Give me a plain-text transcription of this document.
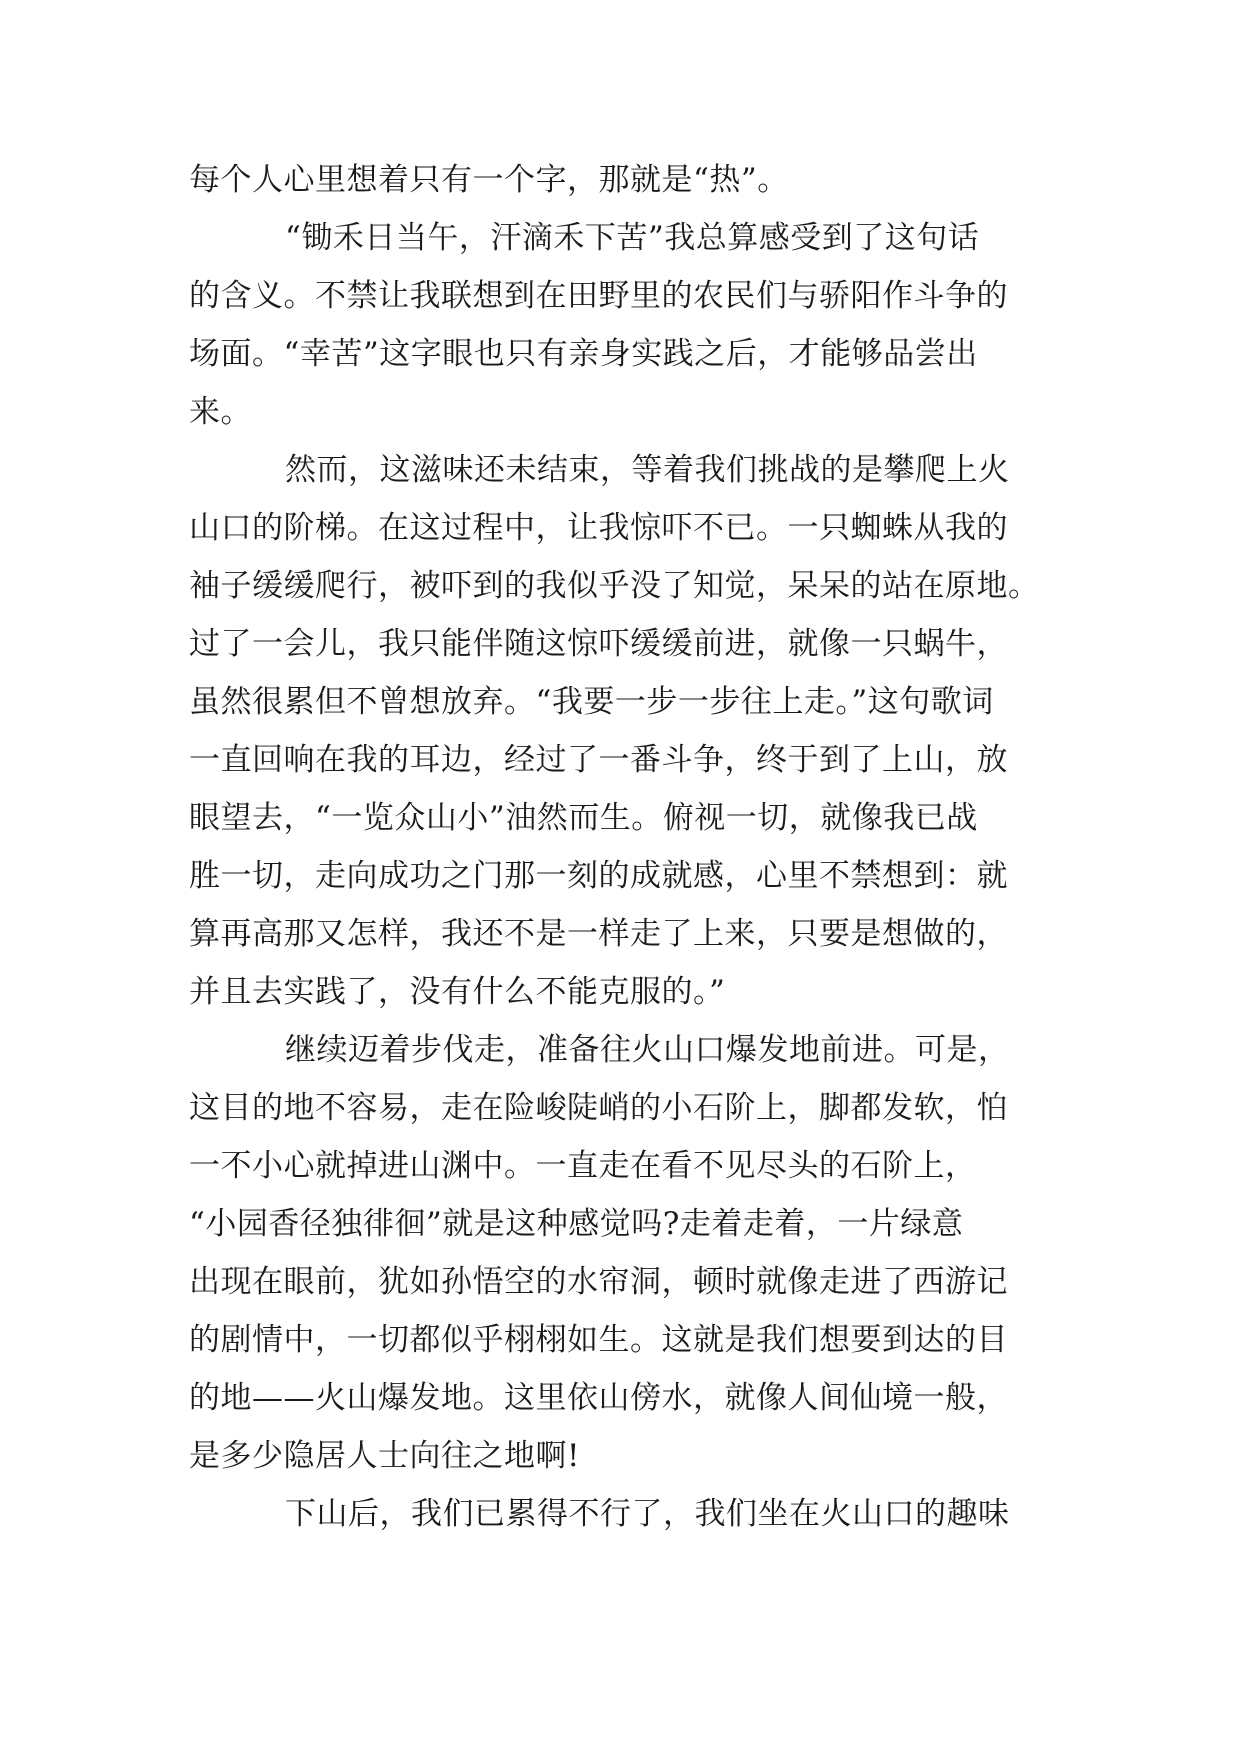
每个人心里想着只有一个字，那就是“热”。
“锄禾日当午，汗滴禾下苦”我总算感受到了这句话
的含义。不禁让我联想到在田野里的农民们与骄阳作斗争的
场面。“幸苦”这字眼也只有亲身实践之后，才能够品尝出
来。
然而，这滋味还未结束，等着我们挑战的是攀爬上火
山口的阶梯。在这过程中，让我惊吓不已。一只蜘蛛从我的
袖子缓缓爬行，被吓到的我似乎没了知觉，呆呆的站在原地。
过了一会儿，我只能伴随这惊吓缓缓前进，就像一只蜗牛，
虽然很累但不曾想放弃。“我要一步一步往上走。”这句歌词
一直回响在我的耳边，经过了一番斗争，终于到了上山，放
眼望去，“一览众山小”油然而生。俯视一切，就像我已战
胜一切，走向成功之门那一刻的成就感，心里不禁想到：就
算再高那又怎样，我还不是一样走了上来，只要是想做的，
并且去实践了，没有什么不能克服的。”
继续迈着步伐走，准备往火山口爆发地前进。可是，
这目的地不容易，走在险峻陡峭的小石阶上，脚都发软，怕
一不小心就掉进山渊中。一直走在看不见尽头的石阶上，
“小园香径独徘徊”就是这种感觉吗?走着走着，一片绿意
出现在眼前，犹如孙悟空的水帘洞，顿时就像走进了西游记
的剧情中，一切都似乎栩栩如生。这就是我们想要到达的目
的地——火山爆发地。这里依山傍水，就像人间仙境一般，
是多少隐居人士向往之地啊!
下山后，我们已累得不行了，我们坐在火山口的趣味
